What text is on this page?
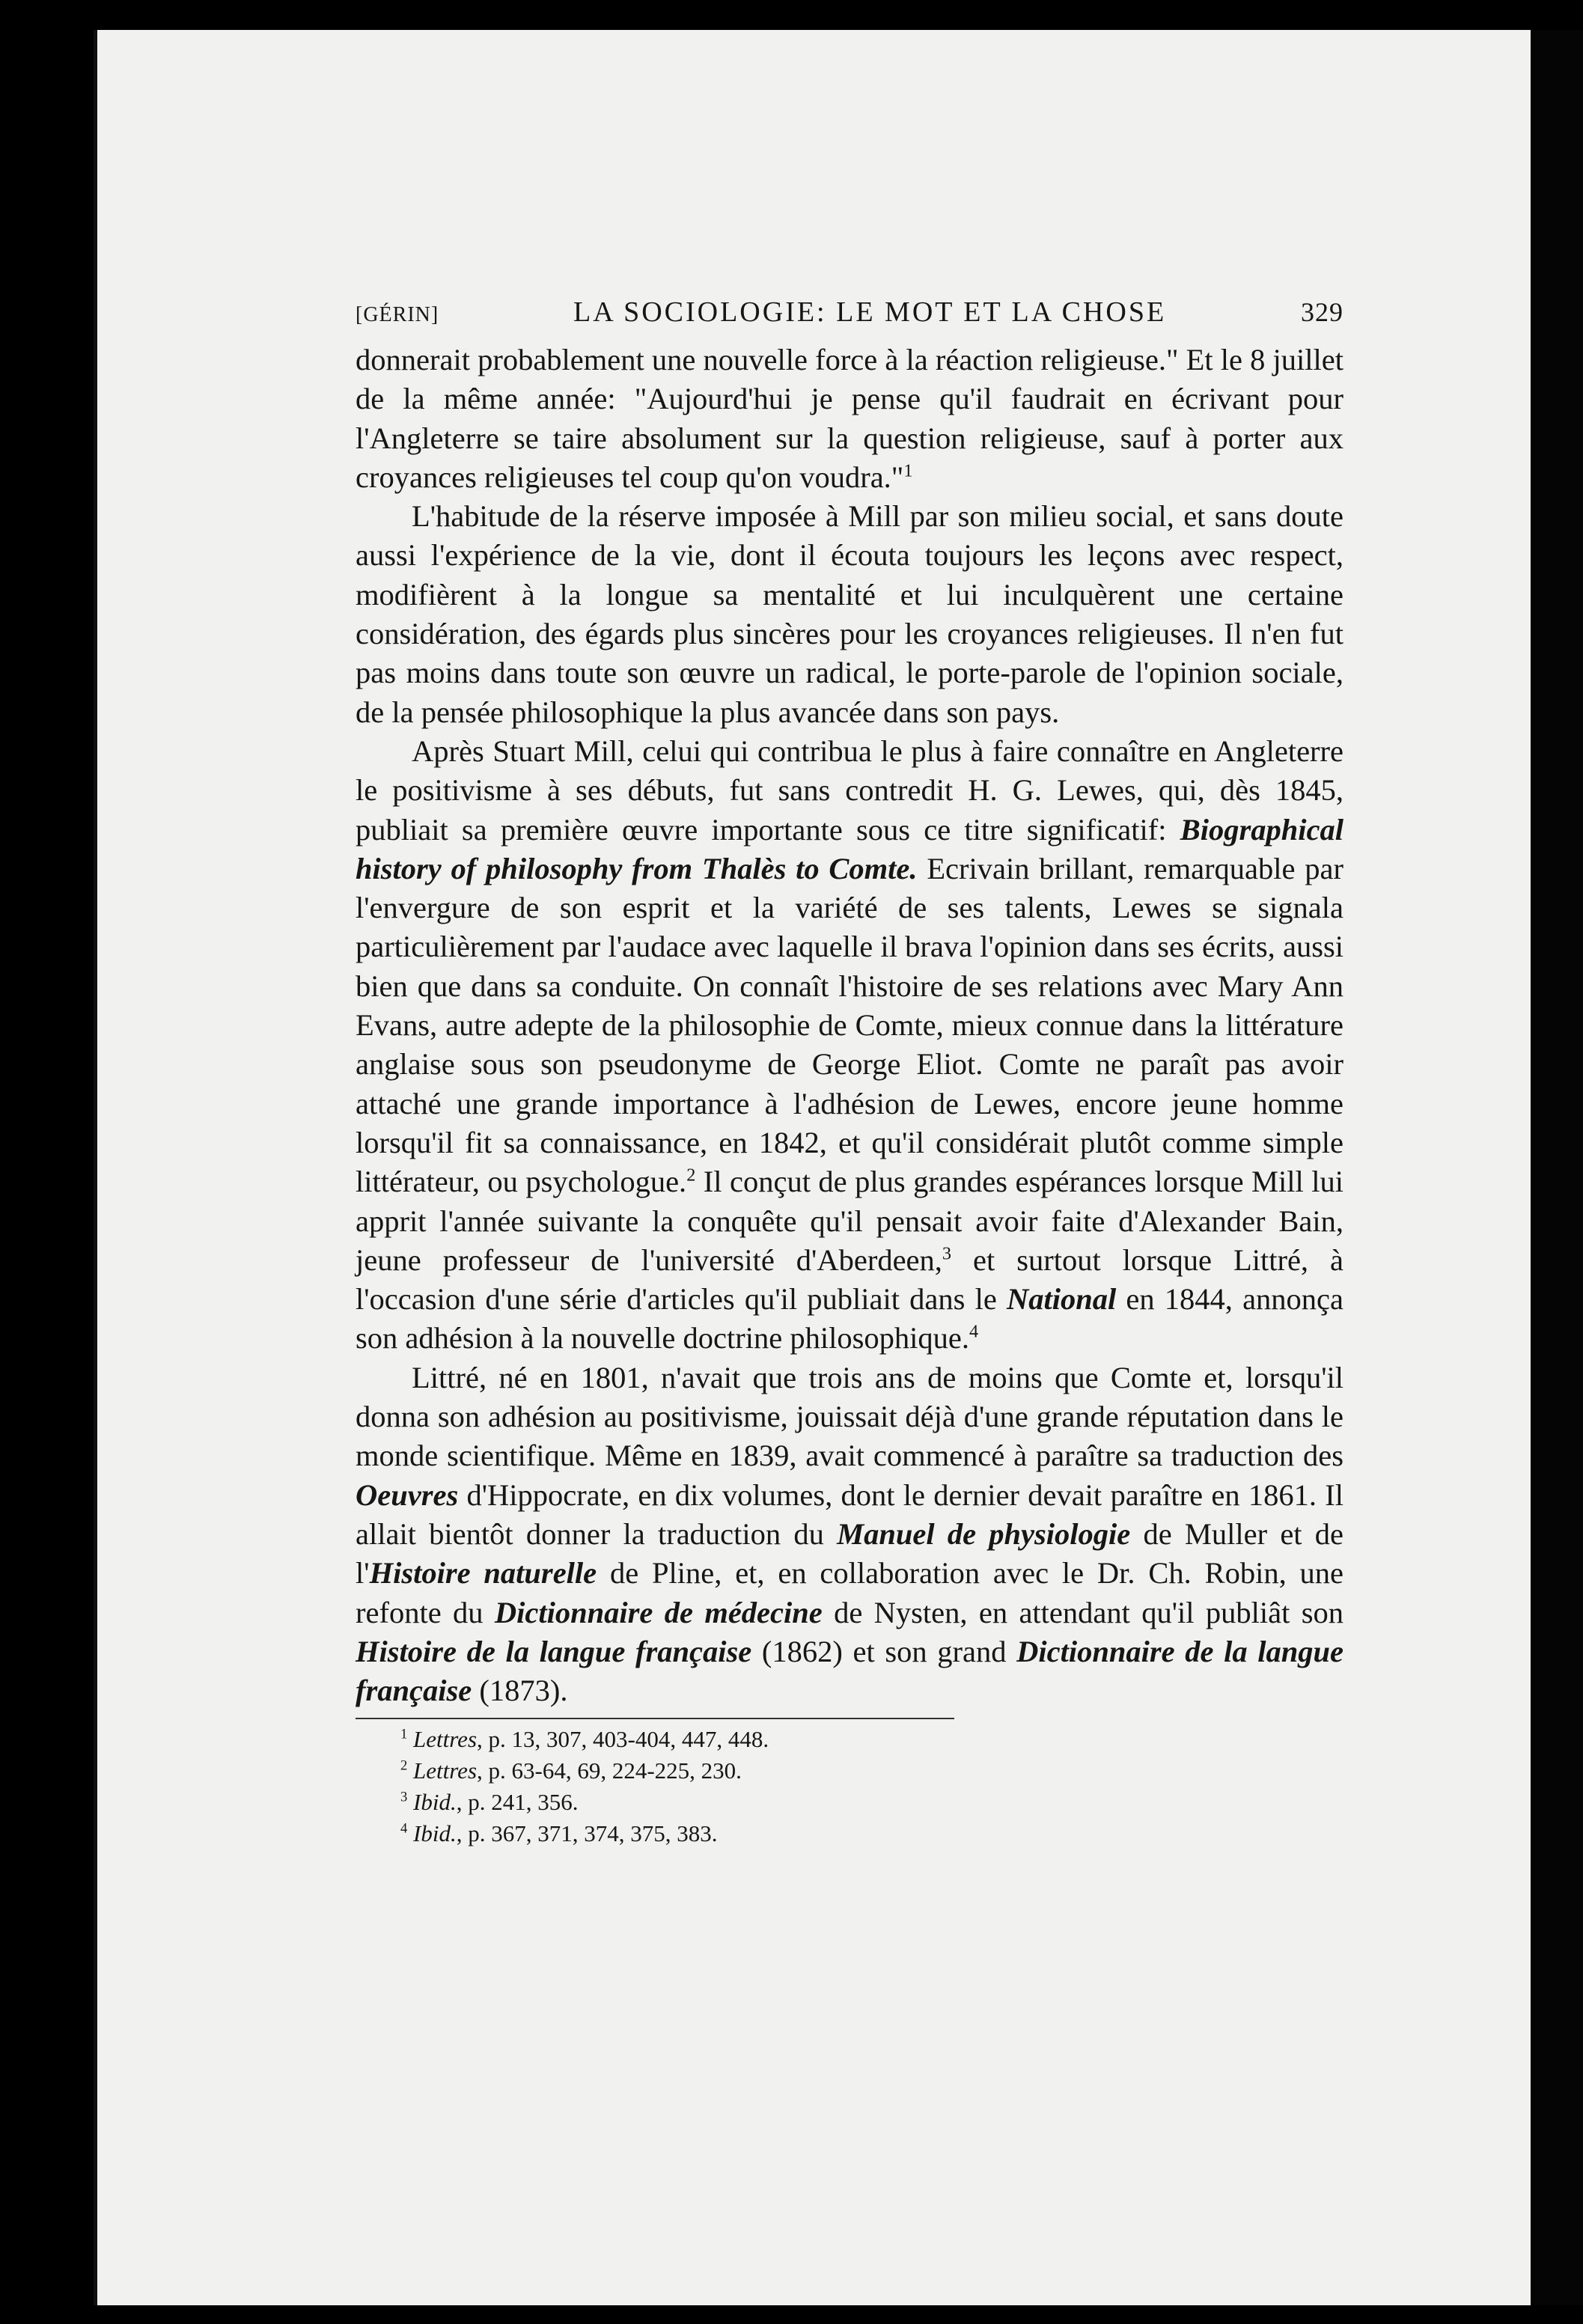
[GÉRIN]	LA SOCIOLOGIE: LE MOT ET LA CHOSE	329

donnerait probablement une nouvelle force à la réaction religieuse." Et le 8 juillet de la même année: "Aujourd'hui je pense qu'il faudrait en écrivant pour l'Angleterre se taire absolument sur la question religieuse, sauf à porter aux croyances religieuses tel coup qu'on voudra."$^1$

L'habitude de la réserve imposée à Mill par son milieu social, et sans doute aussi l'expérience de la vie, dont il écouta toujours les leçons avec respect, modifièrent à la longue sa mentalité et lui inculquèrent une certaine considération, des égards plus sincères pour les croyances religieuses. Il n'en fut pas moins dans toute son œuvre un radical, le porte-parole de l'opinion sociale, de la pensée philosophique la plus avancée dans son pays.

Après Stuart Mill, celui qui contribua le plus à faire connaître en Angleterre le positivisme à ses débuts, fut sans contredit H. G. Lewes, qui, dès 1845, publiait sa première œuvre importante sous ce titre significatif: Biographical history of philosophy from Thalès to Comte. Ecrivain brillant, remarquable par l'envergure de son esprit et la variété de ses talents, Lewes se signala particulièrement par l'audace avec laquelle il brava l'opinion dans ses écrits, aussi bien que dans sa conduite. On connaît l'histoire de ses relations avec Mary Ann Evans, autre adepte de la philosophie de Comte, mieux connue dans la littérature anglaise sous son pseudonyme de George Eliot. Comte ne paraît pas avoir attaché une grande importance à l'adhésion de Lewes, encore jeune homme lorsqu'il fit sa connaissance, en 1842, et qu'il considérait plutôt comme simple littérateur, ou psychologue.$^2$ Il conçut de plus grandes espérances lorsque Mill lui apprit l'année suivante la conquête qu'il pensait avoir faite d'Alexander Bain, jeune professeur de l'université d'Aberdeen,$^3$ et surtout lorsque Littré, à l'occasion d'une série d'articles qu'il publiait dans le National en 1844, annonça son adhésion à la nouvelle doctrine philosophique.$^4$

Littré, né en 1801, n'avait que trois ans de moins que Comte et, lorsqu'il donna son adhésion au positivisme, jouissait déjà d'une grande réputation dans le monde scientifique. Même en 1839, avait commencé à paraître sa traduction des Oeuvres d'Hippocrate, en dix volumes, dont le dernier devait paraître en 1861. Il allait bientôt donner la traduction du Manuel de physiologie de Muller et de l'Histoire naturelle de Pline, et, en collaboration avec le Dr. Ch. Robin, une refonte du Dictionnaire de médecine de Nysten, en attendant qu'il publiât son Histoire de la langue française (1862) et son grand Dictionnaire de la langue française (1873).

$^1$ Lettres, p. 13, 307, 403-404, 447, 448.
$^2$ Lettres, p. 63-64, 69, 224-225, 230.
$^3$ Ibid., p. 241, 356.
$^4$ Ibid., p. 367, 371, 374, 375, 383.
